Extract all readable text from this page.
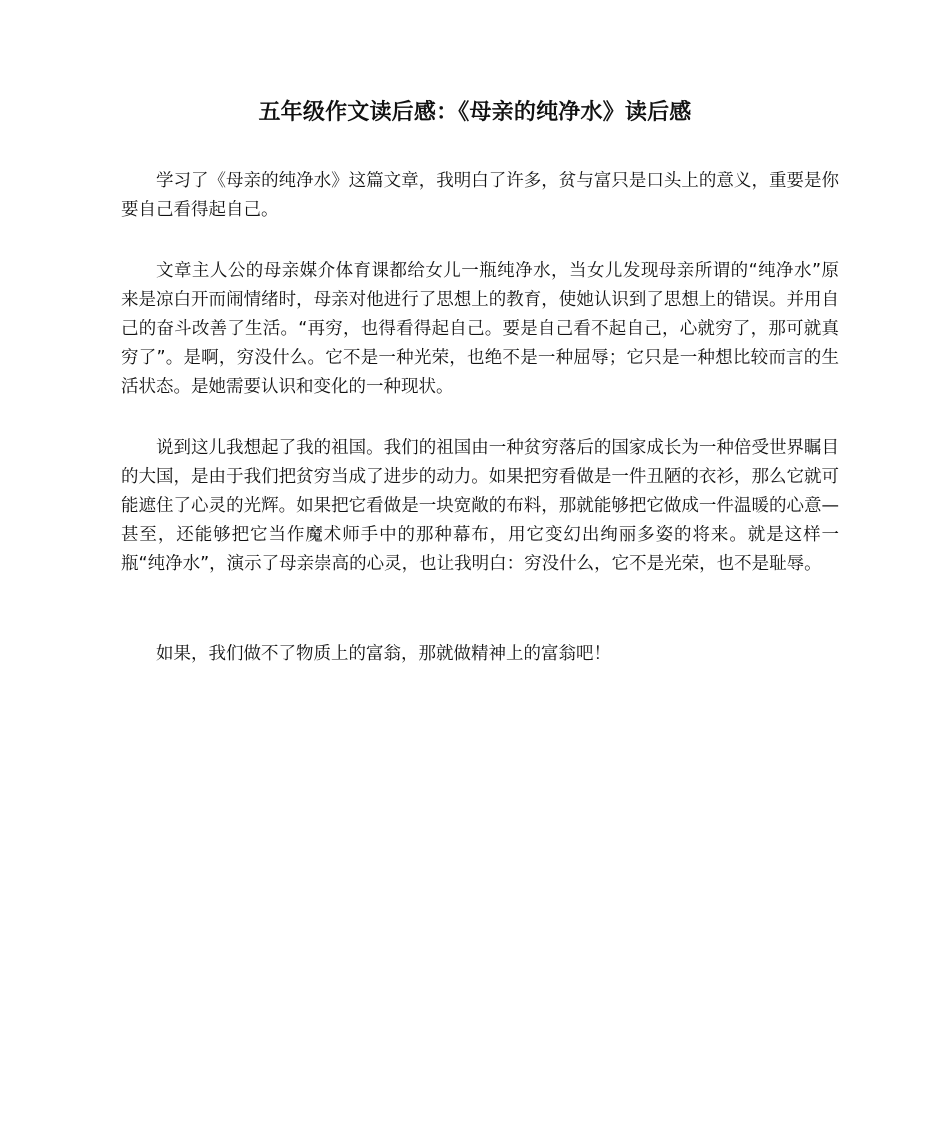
五年级作文读后感：《母亲的纯净水》读后感

学习了《母亲的纯净水》这篇文章，我明白了许多，贫与富只是口头上的意义，重要是你要自己看得起自己。

文章主人公的母亲媒介体育课都给女儿一瓶纯净水，当女儿发现母亲所谓的“纯净水”原来是凉白开而闹情绪时，母亲对他进行了思想上的教育，使她认识到了思想上的错误。并用自己的奋斗改善了生活。“再穷，也得看得起自己。要是自己看不起自己，心就穷了，那可就真穷了”。是啊，穷没什么。它不是一种光荣，也绝不是一种屈辱；它只是一种想比较而言的生活状态。是她需要认识和变化的一种现状。

说到这儿我想起了我的祖国。我们的祖国由一种贫穷落后的国家成长为一种倍受世界瞩目的大国，是由于我们把贫穷当成了进步的动力。如果把穷看做是一件丑陋的衣衫，那么它就可能遮住了心灵的光辉。如果把它看做是一块宽敞的布料，那就能够把它做成一件温暖的心意—甚至，还能够把它当作魔术师手中的那种幕布，用它变幻出绚丽多姿的将来。就是这样一瓶“纯净水”，演示了母亲崇高的心灵，也让我明白：穷没什么，它不是光荣，也不是耻辱。

如果，我们做不了物质上的富翁，那就做精神上的富翁吧！
